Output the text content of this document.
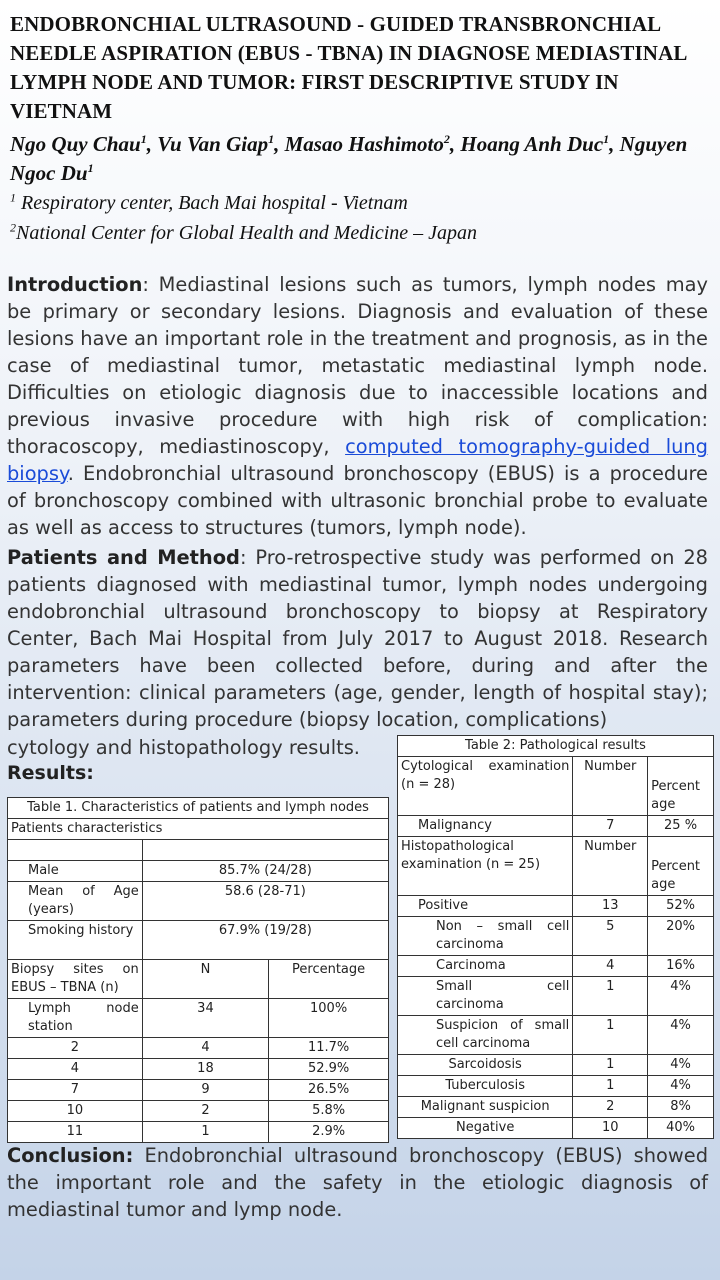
ENDOBRONCHIAL ULTRASOUND - GUIDED TRANSBRONCHIAL NEEDLE ASPIRATION (EBUS - TBNA) IN DIAGNOSE MEDIASTINAL LYMPH NODE AND TUMOR: FIRST DESCRIPTIVE STUDY IN VIETNAM

Ngo Quy Chau$^1$, Vu Van Giap$^1$, Masao Hashimoto$^2$, Hoang Anh Duc$^1$, Nguyen Ngoc Du$^1$

$^1$ Respiratory center, Bach Mai hospital - Vietnam

$^2$National Center for Global Health and Medicine – Japan

Introduction: Mediastinal lesions such as tumors, lymph nodes may be primary or secondary lesions. Diagnosis and evaluation of these lesions have an important role in the treatment and prognosis, as in the case of mediastinal tumor, metastatic mediastinal lymph node. Difficulties on etiologic diagnosis due to inaccessible locations and previous invasive procedure with high risk of complication: thoracoscopy, mediastinoscopy, computed tomography-guided lung biopsy. Endobronchial ultrasound bronchoscopy (EBUS) is a procedure of bronchoscopy combined with ultrasonic bronchial probe to evaluate as well as access to structures (tumors, lymph node).

Patients and Method: Pro-retrospective study was performed on 28 patients diagnosed with mediastinal tumor, lymph nodes undergoing endobronchial ultrasound bronchoscopy to biopsy at Respiratory Center, Bach Mai Hospital from July 2017 to August 2018. Research parameters have been collected before, during and after the intervention: clinical parameters (age, gender, length of hospital stay); parameters during procedure (biopsy location, complications)

cytology and histopathology results.

Results:

Table 1. Characteristics of patients and lymph nodes		
Patients characteristics		

Male	85.7% (24/28)	
Mean of Age (years)	58.6 (28-71)	
Smoking history	67.9% (19/28)	
Biopsy sites on EBUS – TBNA (n)	N	Percentage
Lymph node station	34	100%
2	4	11.7%
4	18	52.9%
7	9	26.5%
10	2	5.8%
11	1	2.9%
Table 2: Pathological results		
Cytological examination (n = 28)	Number	Percent age

Malignancy	7	25 %
Histopathological examination (n = 25)	Number	Percent age

Positive	13	52%
Non – small cell carcinoma	5	20%
Carcinoma	4	16%
Small cell carcinoma	1	4%
Suspicion of small cell carcinoma	1	4%
Sarcoidosis	1	4%
Tuberculosis	1	4%
Malignant suspicion	2	8%
Negative	10	40%

Conclusion: Endobronchial ultrasound bronchoscopy (EBUS) showed the important role and the safety in the etiologic diagnosis of mediastinal tumor and lymp node.
